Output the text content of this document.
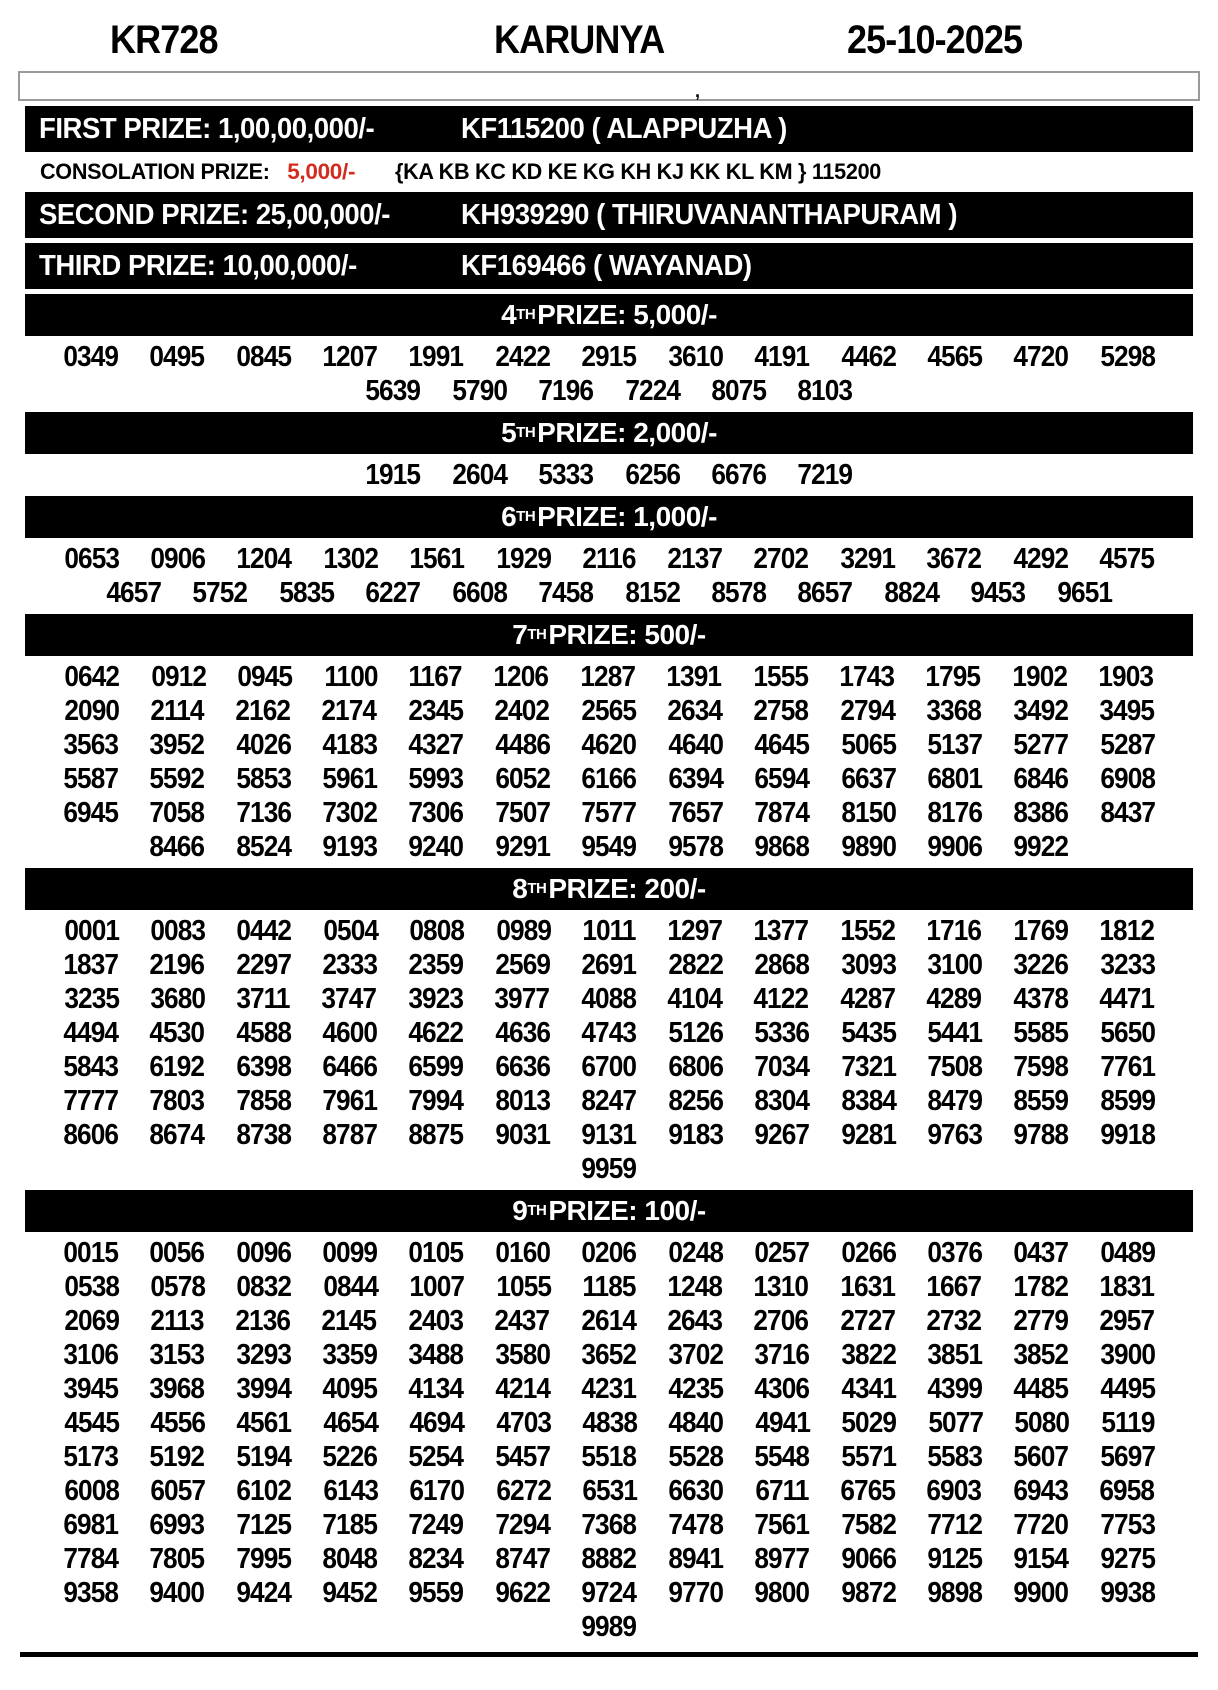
KR728	KARUNYA	25-10-2025
,
FIRST PRIZE: 1,00,00,000/-	KF115200 ( ALAPPUZHA )
CONSOLATION PRIZE: 5,000/- {KA KB KC KD KE KG KH KJ KK KL KM } 115200
SECOND PRIZE: 25,00,000/-	KH939290 ( THIRUVANANTHAPURAM )
THIRD PRIZE: 10,00,000/-	KF169466 ( WAYANAD)
4 TH PRIZE: 5,000/-
0349 0495 0845 1207 1991 2422 2915 3610 4191 4462 4565 4720 5298
5639 5790 7196 7224 8075 8103
5 TH PRIZE: 2,000/-
1915 2604 5333 6256 6676 7219
6 TH PRIZE: 1,000/-
0653 0906 1204 1302 1561 1929 2116 2137 2702 3291 3672 4292 4575
4657 5752 5835 6227 6608 7458 8152 8578 8657 8824 9453 9651
7 TH PRIZE: 500/-
0642 0912 0945 1100 1167 1206 1287 1391 1555 1743 1795 1902 1903
2090 2114 2162 2174 2345 2402 2565 2634 2758 2794 3368 3492 3495
3563 3952 4026 4183 4327 4486 4620 4640 4645 5065 5137 5277 5287
5587 5592 5853 5961 5993 6052 6166 6394 6594 6637 6801 6846 6908
6945 7058 7136 7302 7306 7507 7577 7657 7874 8150 8176 8386 8437
8466 8524 9193 9240 9291 9549 9578 9868 9890 9906 9922
8 TH PRIZE: 200/-
0001 0083 0442 0504 0808 0989 1011 1297 1377 1552 1716 1769 1812
1837 2196 2297 2333 2359 2569 2691 2822 2868 3093 3100 3226 3233
3235 3680 3711 3747 3923 3977 4088 4104 4122 4287 4289 4378 4471
4494 4530 4588 4600 4622 4636 4743 5126 5336 5435 5441 5585 5650
5843 6192 6398 6466 6599 6636 6700 6806 7034 7321 7508 7598 7761
7777 7803 7858 7961 7994 8013 8247 8256 8304 8384 8479 8559 8599
8606 8674 8738 8787 8875 9031 9131 9183 9267 9281 9763 9788 9918
9959
9 TH PRIZE: 100/-
0015 0056 0096 0099 0105 0160 0206 0248 0257 0266 0376 0437 0489
0538 0578 0832 0844 1007 1055 1185 1248 1310 1631 1667 1782 1831
2069 2113 2136 2145 2403 2437 2614 2643 2706 2727 2732 2779 2957
3106 3153 3293 3359 3488 3580 3652 3702 3716 3822 3851 3852 3900
3945 3968 3994 4095 4134 4214 4231 4235 4306 4341 4399 4485 4495
4545 4556 4561 4654 4694 4703 4838 4840 4941 5029 5077 5080 5119
5173 5192 5194 5226 5254 5457 5518 5528 5548 5571 5583 5607 5697
6008 6057 6102 6143 6170 6272 6531 6630 6711 6765 6903 6943 6958
6981 6993 7125 7185 7249 7294 7368 7478 7561 7582 7712 7720 7753
7784 7805 7995 8048 8234 8747 8882 8941 8977 9066 9125 9154 9275
9358 9400 9424 9452 9559 9622 9724 9770 9800 9872 9898 9900 9938
9989
